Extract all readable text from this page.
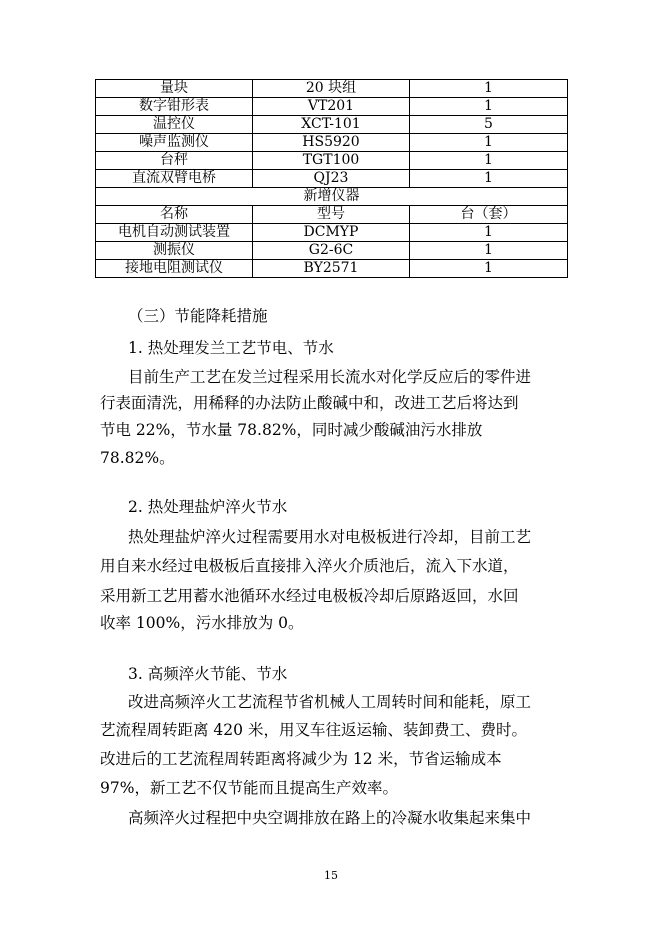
量块	20 块组	1
数字钳形表	VT201	1
温控仪	XCT-101	5
噪声监测仪	HS5920	1
台秤	TGT100	1
直流双臂电桥	QJ23	1
新增仪器		
名称	型号	台（套）
电机自动测试装置	DCMYP	1
测振仪	G2-6C	1
接地电阻测试仪	BY2571	1
（三）节能降耗措施
1. 热处理发兰工艺节电、节水
目前生产工艺在发兰过程采用长流水对化学反应后的零件进
行表面清洗，用稀释的办法防止酸碱中和，改进工艺后将达到
节电 22%，节水量 78.82%，同时减少酸碱油污水排放
78.82%。
2. 热处理盐炉淬火节水
热处理盐炉淬火过程需要用水对电极板进行冷却，目前工艺
用自来水经过电极板后直接排入淬火介质池后，流入下水道，
采用新工艺用蓄水池循环水经过电极板冷却后原路返回，水回
收率 100%，污水排放为 0。
3. 高频淬火节能、节水
改进高频淬火工艺流程节省机械人工周转时间和能耗，原工
艺流程周转距离 420 米，用叉车往返运输、装卸费工、费时。
改进后的工艺流程周转距离将减少为 12 米，节省运输成本
97%，新工艺不仅节能而且提高生产效率。
高频淬火过程把中央空调排放在路上的冷凝水收集起来集中
15
